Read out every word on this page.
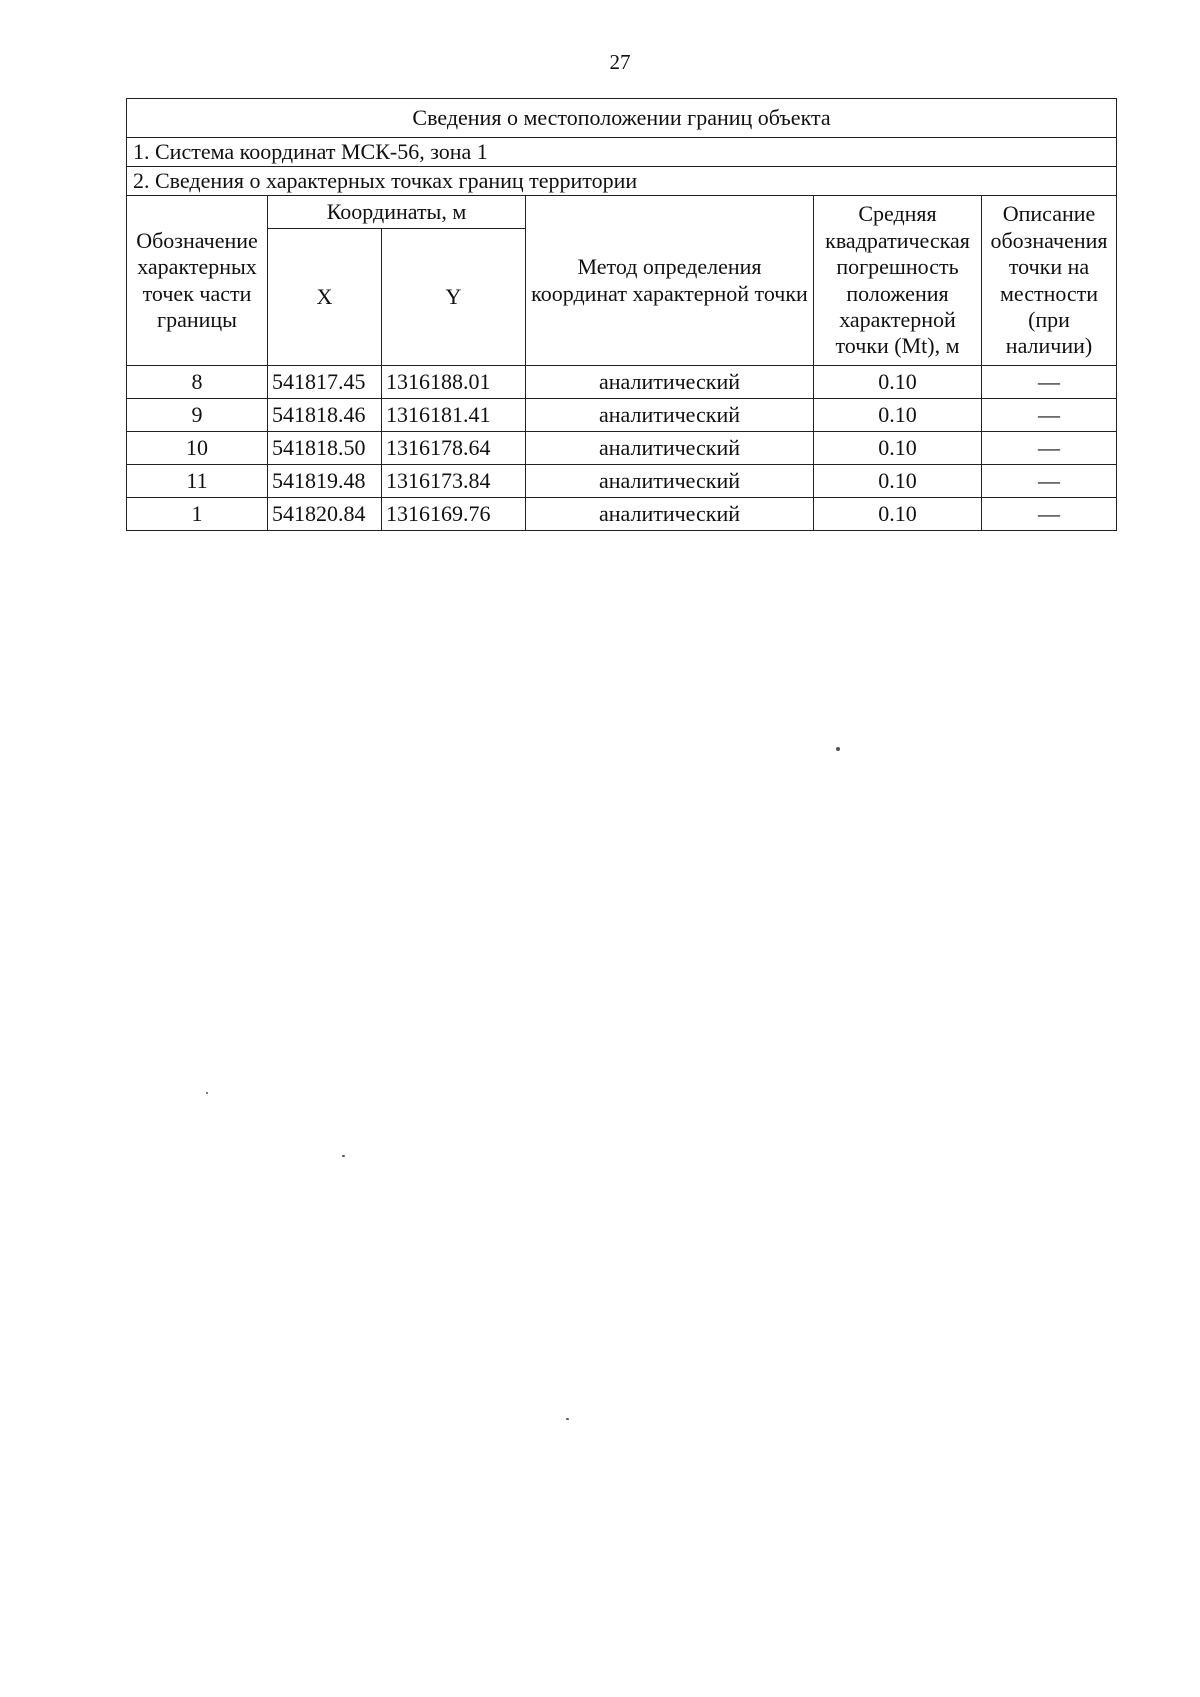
27
Сведения о местоположении границ объекта					
1. Система координат МСК-56, зона 1					
2. Сведения о характерных точках границ территории					
Обозначение характерных точек части границы	Координаты, м		Метод определения координат характерной точки	Средняя квадратическая погрешность положения характерной точки (Mt), м	Описание обозначения точки на местности (при наличии)
	X	Y			
8	541817.45	1316188.01	аналитический	0.10	—
9	541818.46	1316181.41	аналитический	0.10	—
10	541818.50	1316178.64	аналитический	0.10	—
11	541819.48	1316173.84	аналитический	0.10	—
1	541820.84	1316169.76	аналитический	0.10	—
